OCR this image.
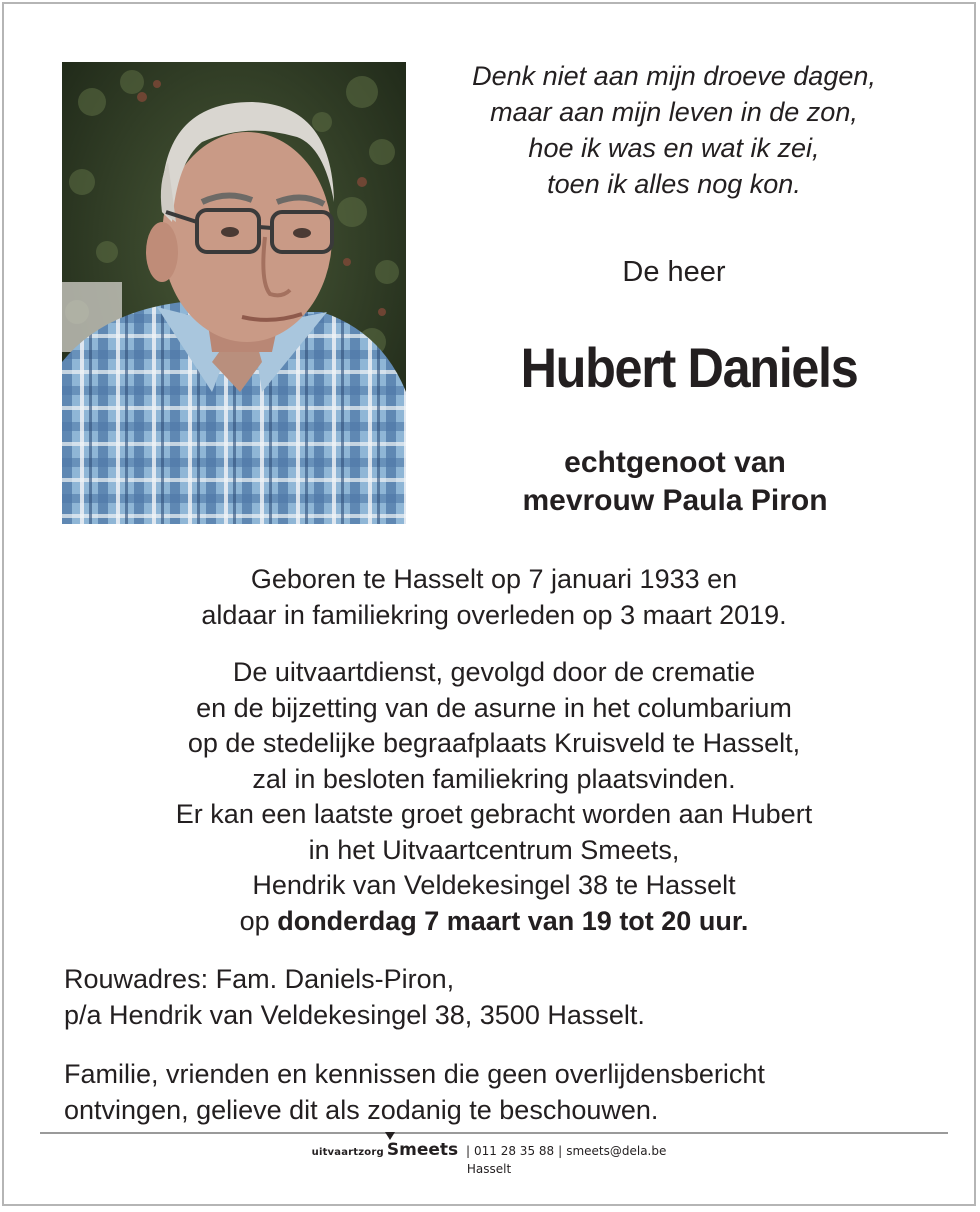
Denk niet aan mijn droeve dagen,
maar aan mijn leven in de zon,
hoe ik was en wat ik zei,
toen ik alles nog kon.
De heer
Hubert Daniels
echtgenoot van
mevrouw Paula Piron
Geboren te Hasselt op 7 januari 1933 en
aldaar in familiekring overleden op 3 maart 2019.
De uitvaartdienst, gevolgd door de crematie
en de bijzetting van de asurne in het columbarium
op de stedelijke begraafplaats Kruisveld te Hasselt,
zal in besloten familiekring plaatsvinden.
Er kan een laatste groet gebracht worden aan Hubert
in het Uitvaartcentrum Smeets,
Hendrik van Veldekesingel 38 te Hasselt
op donderdag 7 maart van 19 tot 20 uur.
Rouwadres: Fam. Daniels-Piron,
p/a Hendrik van Veldekesingel 38, 3500 Hasselt.
Familie, vrienden en kennissen die geen overlijdensbericht
ontvingen, gelieve dit als zodanig te beschouwen.
uitvaartzorg Smeets | 011 28 35 88 | smeets@dela.be
Hasselt
